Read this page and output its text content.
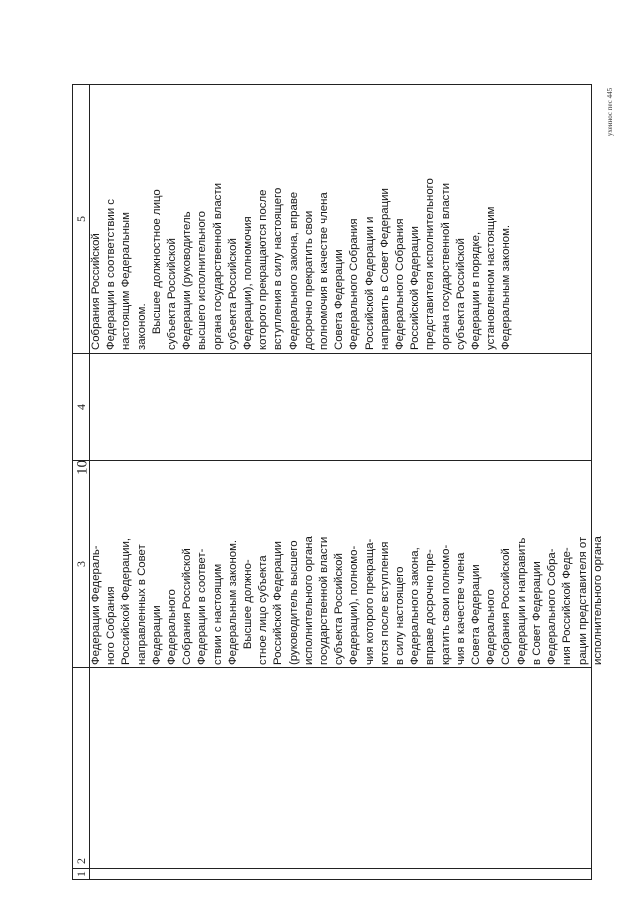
10
ухеинос пес 445
1
2
3
4
5
Федерации Федераль- ного Собрания Российской Федерации, направленных в Совет Федерации Федерального Собрания Российской Федерации в соответ- ствии с настоящим Федеральным законом. Высшее должно- стное лицо субъекта Российской Федерации (руководитель высшего исполнительного органа государственной власти субъекта Российской Федерации), полномо- чия которого прекраща- ются после вступления в силу настоящего Федерального закона, вправе досрочно пре- кратить свои полномо- чия в качестве члена Совета Федерации Федерального Собрания Российской Федерации и направить в Совет Федерации Федерального Собра- ния Российской Феде- рации представителя от исполнительного органа
Собрания Российской Федерации в соответствии с настоящим Федеральным законом. Высшее должностное лицо субъекта Российской Федерации (руководитель высшего исполнительного органа государственной власти субъекта Российской Федерации), полномочия которого прекращаются после вступления в силу настоящего Федерального закона, вправе досрочно прекратить свои полномочия в качестве члена Совета Федерации Федерального Собрания Российской Федерации и направить в Совет Федерации Федерального Собрания Российской Федерации представителя исполнительного органа государственной власти субъекта Российской Федерации в порядке, установленном настоящим Федеральным законом.
